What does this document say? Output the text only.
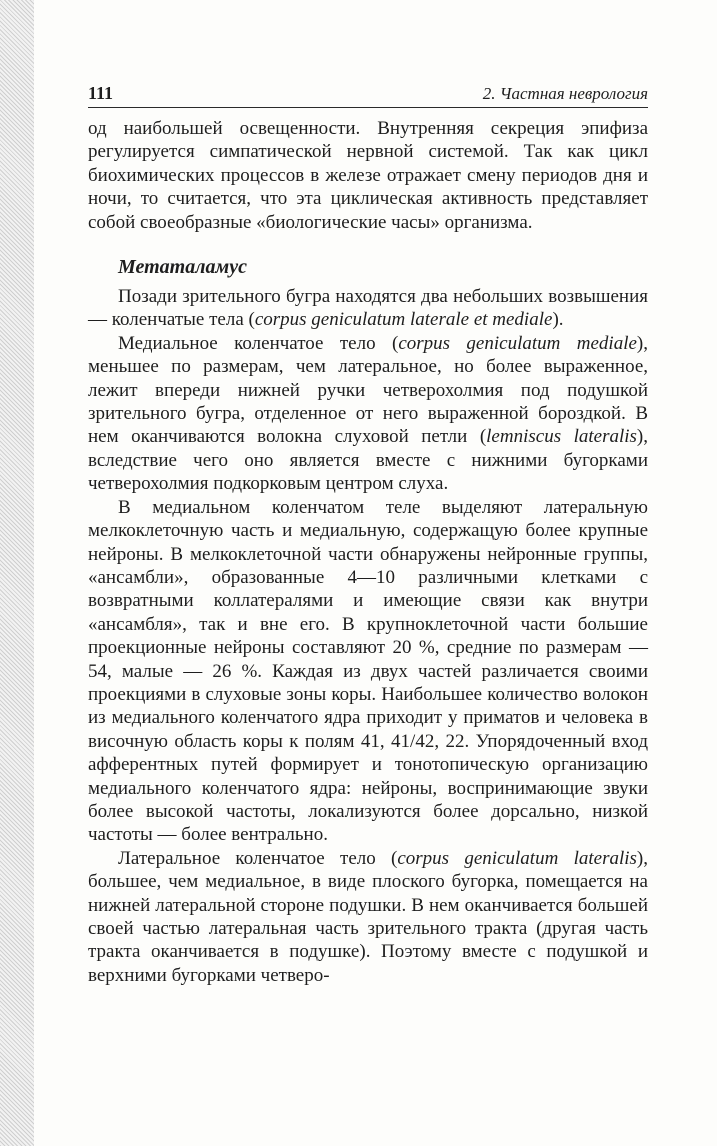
111	2. Частная неврология

од наибольшей освещенности. Внутренняя секреция эпифиза регулируется симпатической нервной системой. Так как цикл биохимических процессов в железе отражает смену периодов дня и ночи, то считается, что эта циклическая активность представляет собой своеобразные «биологические часы» организма.

Метаталамус

Позади зрительного бугра находятся два небольших возвышения — коленчатые тела (corpus geniculatum laterale et mediale).

Медиальное коленчатое тело (corpus geniculatum mediale), меньшее по размерам, чем латеральное, но более выраженное, лежит впереди нижней ручки четверохолмия под подушкой зрительного бугра, отделенное от него выраженной бороздкой. В нем оканчиваются волокна слуховой петли (lemniscus lateralis), вследствие чего оно является вместе с нижними бугорками четверохолмия подкорковым центром слуха.

В медиальном коленчатом теле выделяют латеральную мелкоклеточную часть и медиальную, содержащую более крупные нейроны. В мелкоклеточной части обнаружены нейронные группы, «ансамбли», образованные 4—10 различными клетками с возвратными коллатералями и имеющие связи как внутри «ансамбля», так и вне его. В крупноклеточной части большие проекционные нейроны составляют 20 %, средние по размерам — 54, малые — 26 %. Каждая из двух частей различается своими проекциями в слуховые зоны коры. Наибольшее количество волокон из медиального коленчатого ядра приходит у приматов и человека в височную область коры к полям 41, 41/42, 22. Упорядоченный вход афферентных путей формирует и тонотопическую организацию медиального коленчатого ядра: нейроны, воспринимающие звуки более высокой частоты, локализуются более дорсально, низкой частоты — более вентрально.

Латеральное коленчатое тело (corpus geniculatum lateralis), большее, чем медиальное, в виде плоского бугорка, помещается на нижней латеральной стороне подушки. В нем оканчивается большей своей частью латеральная часть зрительного тракта (другая часть тракта оканчивается в подушке). Поэтому вместе с подушкой и верхними бугорками четверо-
